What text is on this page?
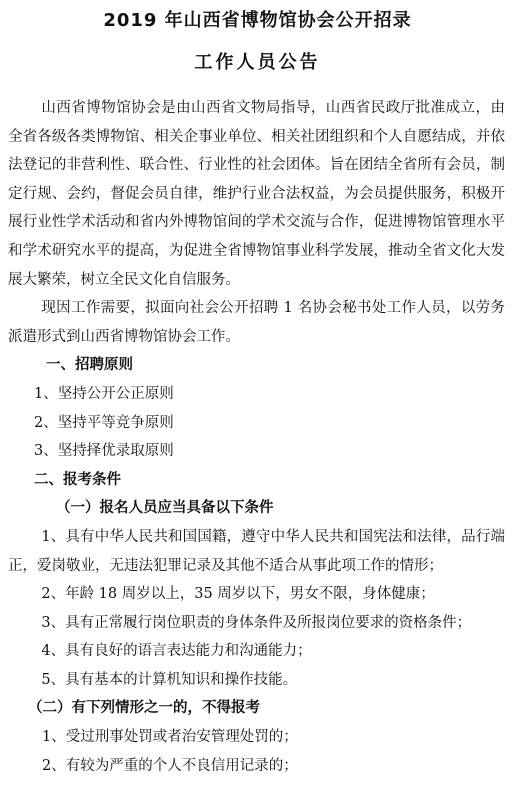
2019 年山西省博物馆协会公开招录
工作人员公告

山西省博物馆协会是由山西省文物局指导，山西省民政厅批准成立，由全省各级各类博物馆、相关企事业单位、相关社团组织和个人自愿结成，并依法登记的非营利性、联合性、行业性的社会团体。旨在团结全省所有会员，制定行规、会约，督促会员自律，维护行业合法权益，为会员提供服务，积极开展行业性学术活动和省内外博物馆间的学术交流与合作，促进博物馆管理水平和学术研究水平的提高，为促进全省博物馆事业科学发展，推动全省文化大发展大繁荣，树立全民文化自信服务。

现因工作需要，拟面向社会公开招聘 1 名协会秘书处工作人员，以劳务派遣形式到山西省博物馆协会工作。

一、招聘原则

1、坚持公开公正原则

2、坚持平等竞争原则

3、坚持择优录取原则

二、报考条件

（一）报名人员应当具备以下条件

1、具有中华人民共和国国籍，遵守中华人民共和国宪法和法律，品行端正，爱岗敬业，无违法犯罪记录及其他不适合从事此项工作的情形；

2、年龄 18 周岁以上，35 周岁以下，男女不限，身体健康；

3、具有正常履行岗位职责的身体条件及所报岗位要求的资格条件；

4、具有良好的语言表达能力和沟通能力；

5、具有基本的计算机知识和操作技能。

（二）有下列情形之一的，不得报考

1、受过刑事处罚或者治安管理处罚的；

2、有较为严重的个人不良信用记录的；
